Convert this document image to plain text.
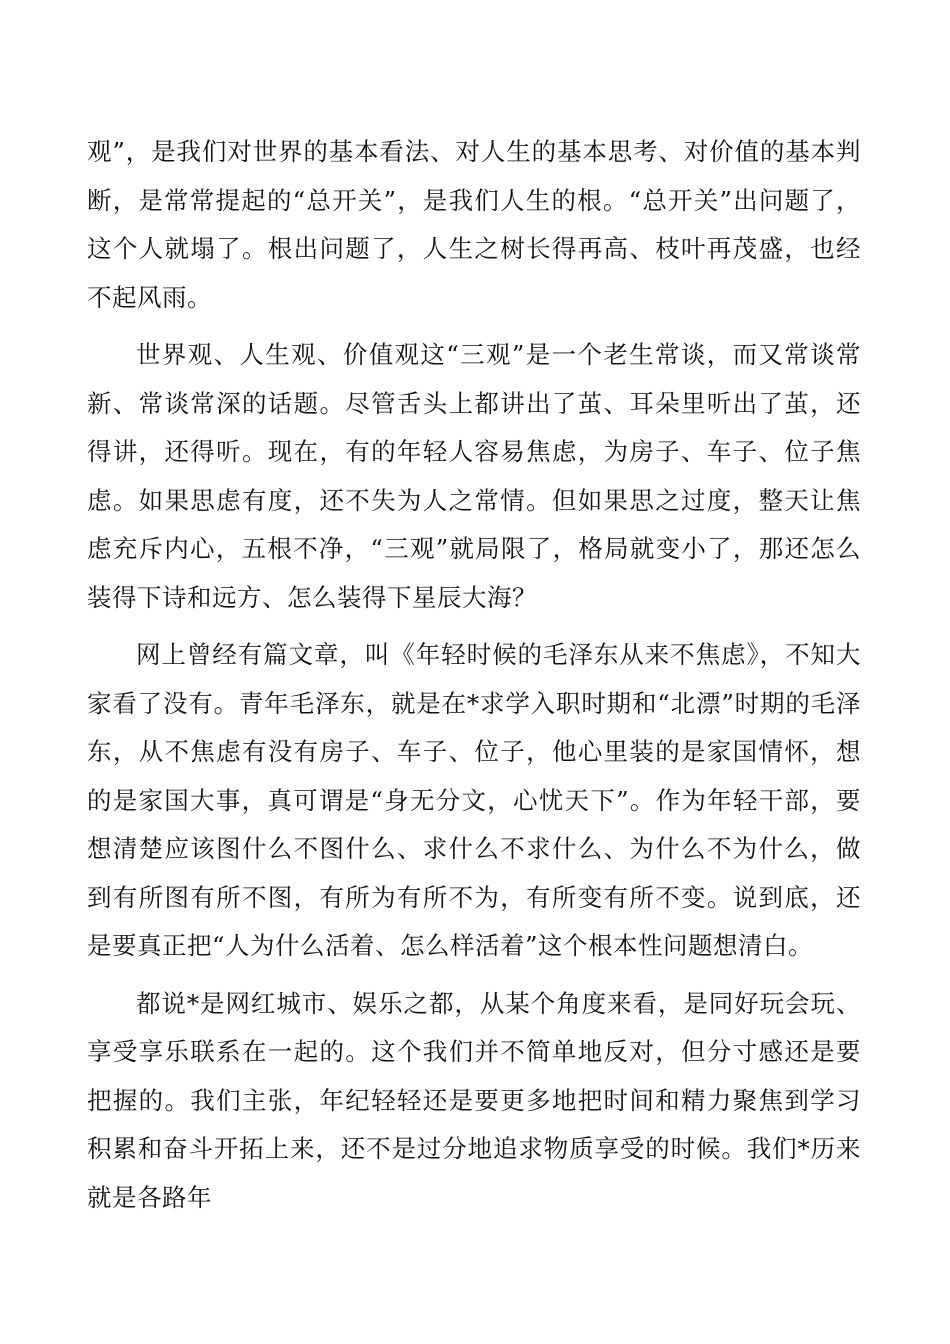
观”，是我们对世界的基本看法、对人生的基本思考、对价值的基本判断，是常常提起的“总开关”，是我们人生的根。“总开关”出问题了，这个人就塌了。根出问题了，人生之树长得再高、枝叶再茂盛，也经不起风雨。

世界观、人生观、价值观这“三观”是一个老生常谈，而又常谈常新、常谈常深的话题。尽管舌头上都讲出了茧、耳朵里听出了茧，还得讲，还得听。现在，有的年轻人容易焦虑，为房子、车子、位子焦虑。如果思虑有度，还不失为人之常情。但如果思之过度，整天让焦虑充斥内心，五根不净，“三观”就局限了，格局就变小了，那还怎么装得下诗和远方、怎么装得下星辰大海？

网上曾经有篇文章，叫《年轻时候的毛泽东从来不焦虑》，不知大家看了没有。青年毛泽东，就是在*求学入职时期和“北漂”时期的毛泽东，从不焦虑有没有房子、车子、位子，他心里装的是家国情怀，想的是家国大事，真可谓是“身无分文，心忧天下”。作为年轻干部，要想清楚应该图什么不图什么、求什么不求什么、为什么不为什么，做到有所图有所不图，有所为有所不为，有所变有所不变。说到底，还是要真正把“人为什么活着、怎么样活着”这个根本性问题想清白。

都说*是网红城市、娱乐之都，从某个角度来看，是同好玩会玩、享受享乐联系在一起的。这个我们并不简单地反对，但分寸感还是要把握的。我们主张，年纪轻轻还是要更多地把时间和精力聚焦到学习积累和奋斗开拓上来，还不是过分地追求物质享受的时候。我们*历来就是各路年
